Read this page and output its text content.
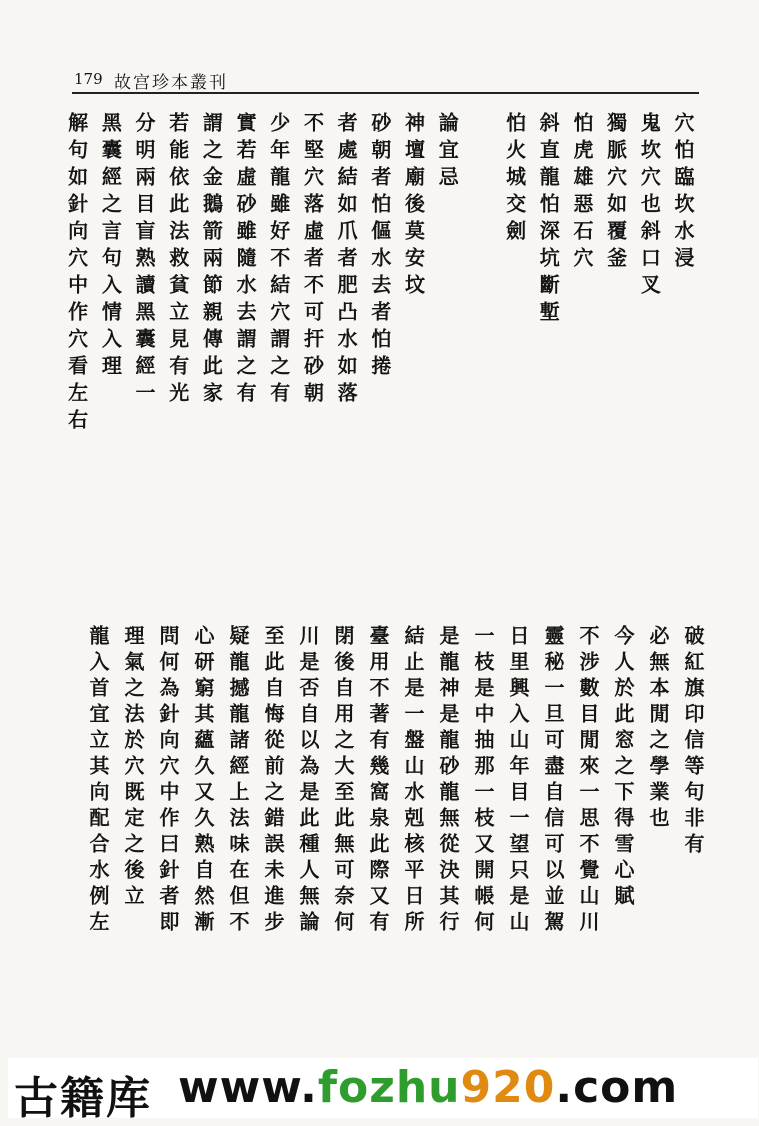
179 故宫珍本叢刊
穴怕臨坎水浸
鬼坎穴也斜口叉
獨脈穴如覆釜
怕虎雄惡石穴
斜直龍怕深坑斷塹
怕火城交劍
論宜忌
神壇廟後莫安坟
砂朝者怕傴水去者怕捲
者處結如爪者肥凸水如落
不堅穴落虛者不可扞砂朝
少年龍雖好不結穴謂之有
實若虛砂雖隨水去謂之有
謂之金鵝箭兩節親傳此家
若能依此法救貧立見有光
分明兩目盲熟讀黑囊經一
黑囊經之言句入情入理
解句如針向穴中作穴看左右
破紅旗印信等句非有
必無本閒之學業也
今人於此窓之下得雪心賦
不涉數目閒來一思不覺山川
靈秘一旦可盡自信可以並駕
日里興入山年目一望只是山
一枝是中抽那一枝又開帳何
是龍神是龍砂龍無從決其行
結止是一盤山水剋核平日所
臺用不著有幾窩泉此際又有
閉後自用之大至此無可奈何
川是否自以為是此種人無論
至此自悔從前之錯誤未進步
疑龍撼龍諸經上法味在但不
心研窮其蘊久又久熟自然漸
問何為針向穴中作曰針者即
理氣之法於穴既定之後立
龍入首宜立其向配合水例左
古籍库 www.fozhu920.com
